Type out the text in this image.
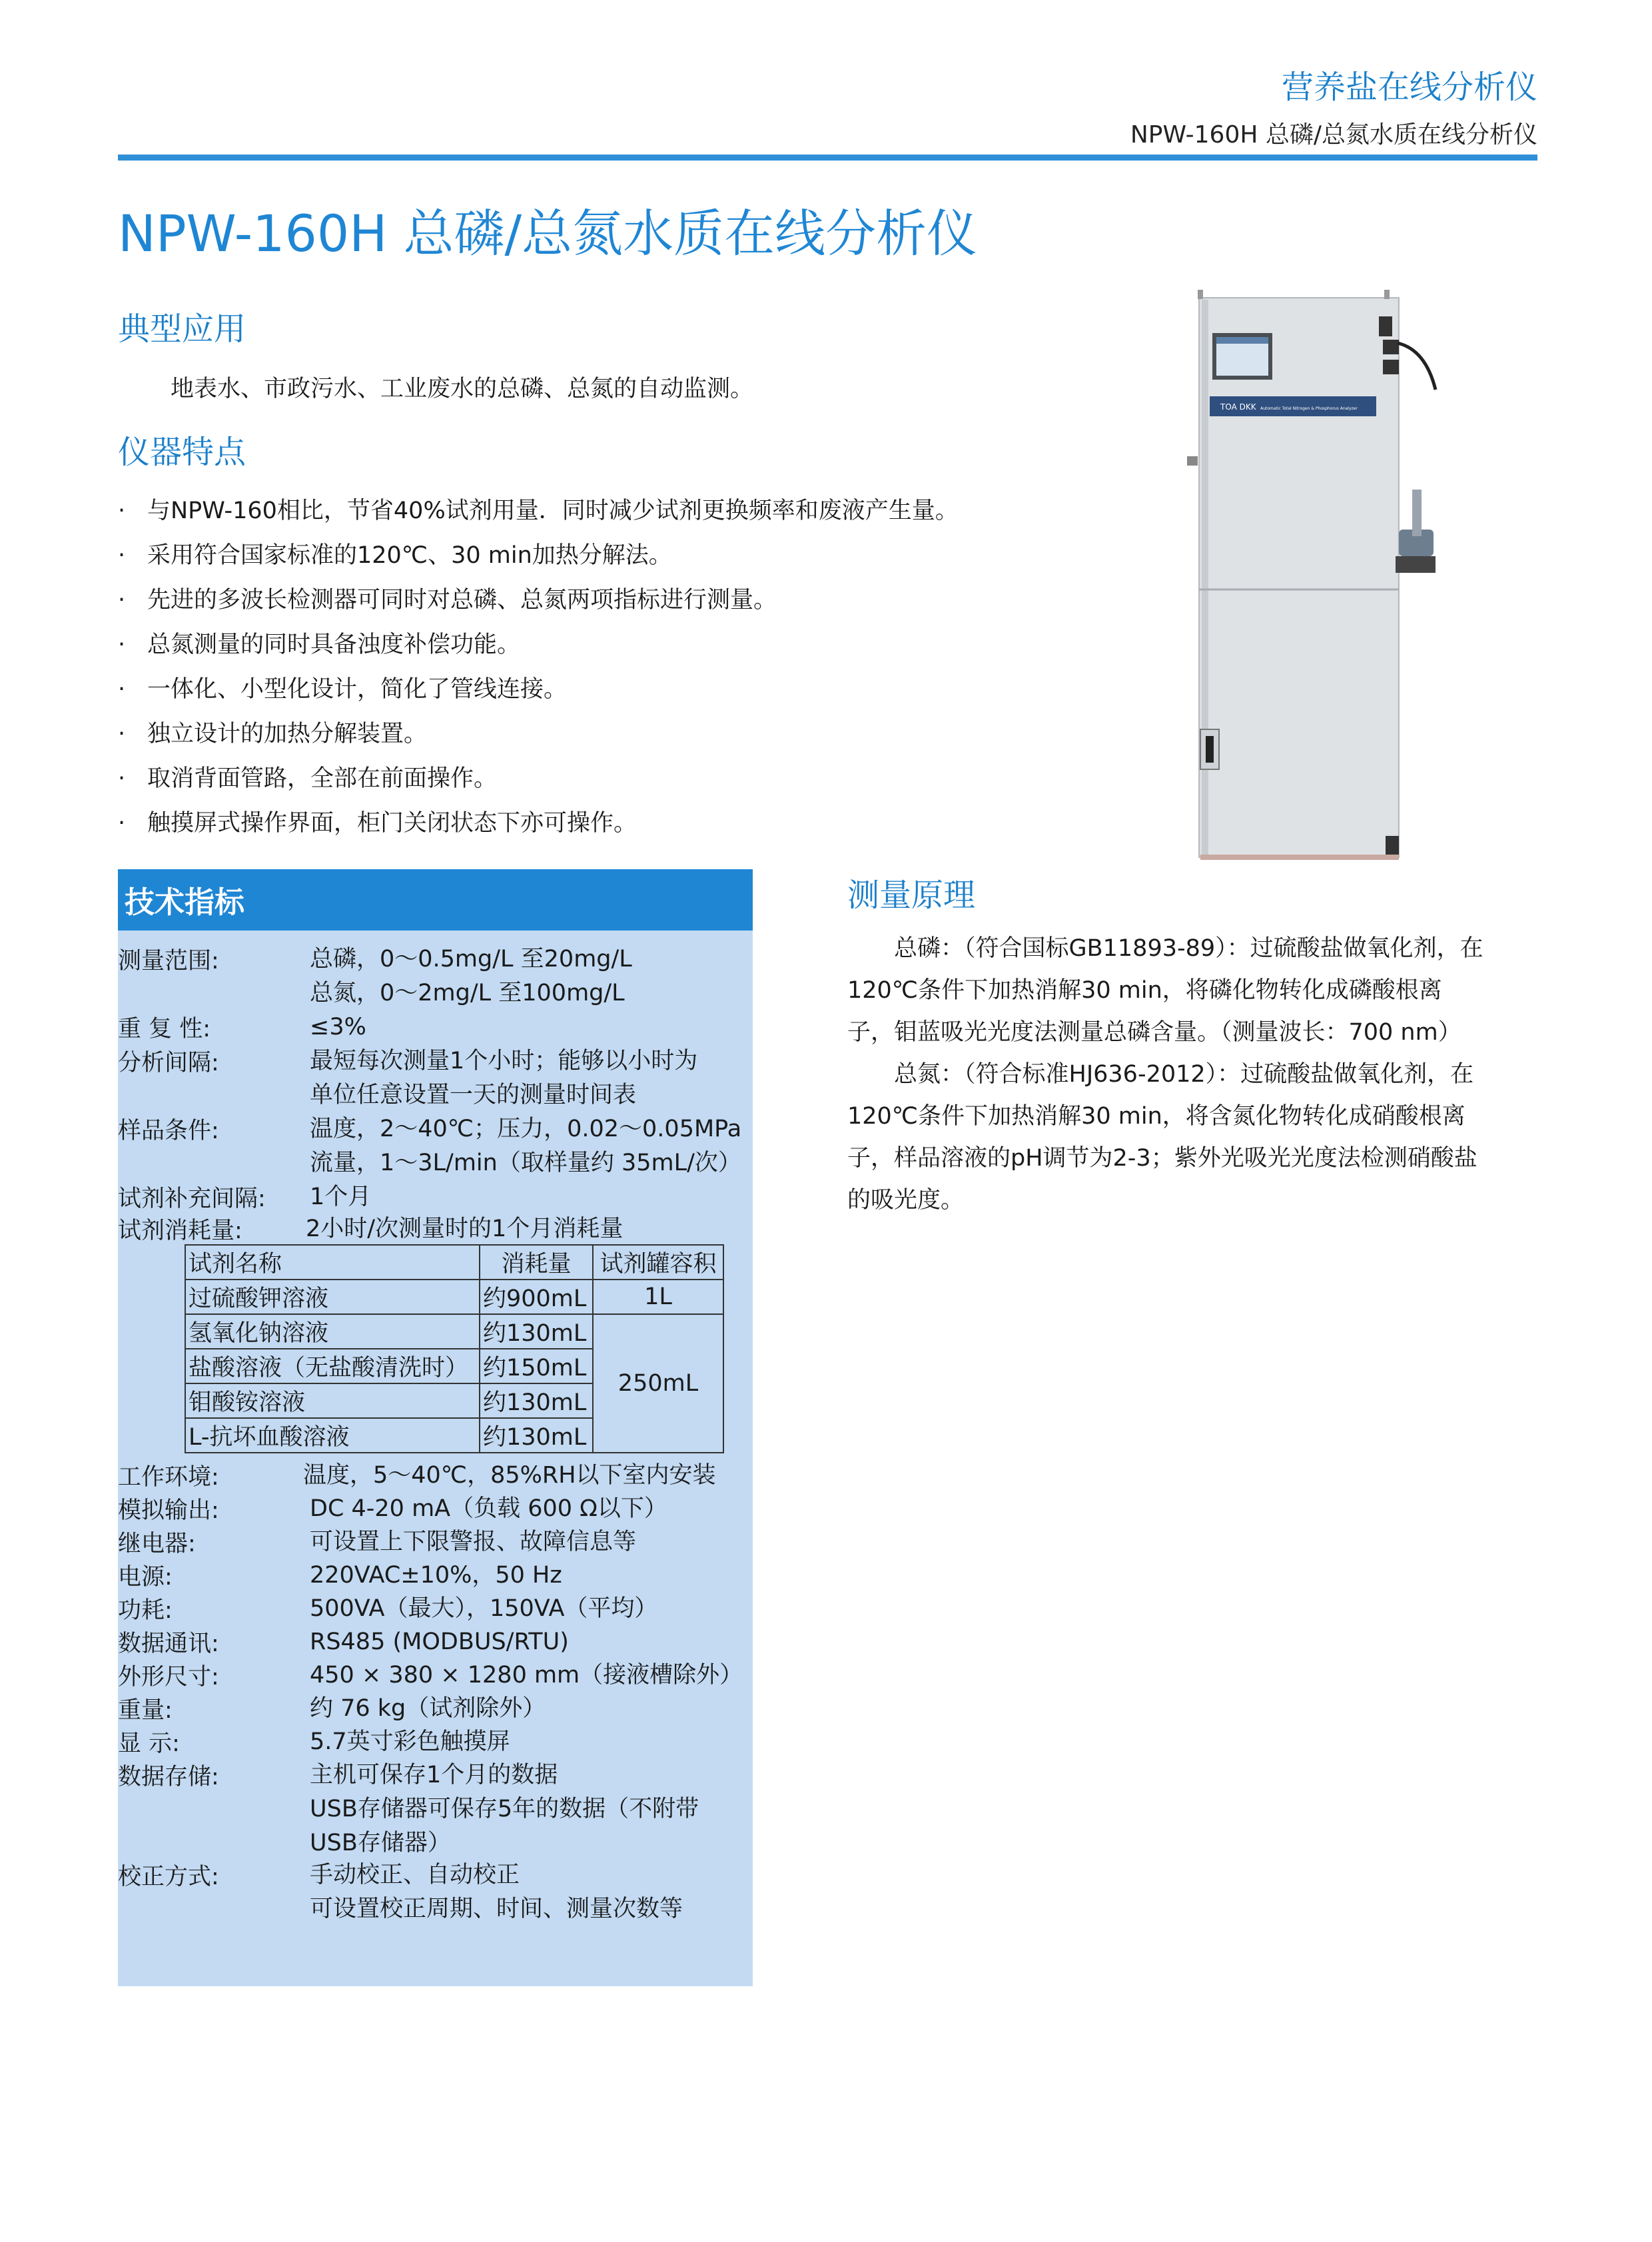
营养盐在线分析仪
NPW-160H 总磷/总氮水质在线分析仪
NPW-160H 总磷/总氮水质在线分析仪
典型应用
地表水、市政污水、工业废水的总磷、总氮的自动监测。
仪器特点
· 与NPW-160相比，节省40%试剂用量．同时减少试剂更换频率和废液产生量。
· 采用符合国家标准的120℃、30 min加热分解法。
· 先进的多波长检测器可同时对总磷、总氮两项指标进行测量。
· 总氮测量的同时具备浊度补偿功能。
· 一体化、小型化设计，简化了管线连接。
· 独立设计的加热分解装置。
· 取消背面管路，全部在前面操作。
· 触摸屏式操作界面，柜门关闭状态下亦可操作。
TOA DKK Automatic Total Nitrogen & Phosphorus Analyzer
技术指标
测量范围:	总磷，0～0.5mg/L 至20mg/L
总氮，0～2mg/L 至100mg/L
重 复 性:	≤3%
分析间隔:	最短每次测量1个小时；能够以小时为
单位任意设置一天的测量时间表
样品条件:	温度，2～40℃；压力，0.02～0.05MPa
流量，1～3L/min（取样量约 35mL/次）
试剂补充间隔: 1个月
试剂消耗量:	2小时/次测量时的1个月消耗量
试剂名称	消耗量	试剂罐容积
过硫酸钾溶液	约900mL	1L
氢氧化钠溶液	约130mL	250mL
盐酸溶液（无盐酸清洗时）	约150mL	
钼酸铵溶液	约130mL	
L-抗坏血酸溶液	约130mL	
工作环境:	温度，5～40℃，85%RH以下室内安装
模拟输出:	DC 4-20 mA（负载 600 Ω以下）
继电器:	可设置上下限警报、故障信息等
电源:	220VAC±10%，50 Hz
功耗:	500VA（最大），150VA（平均）
数据通讯:	RS485 (MODBUS/RTU)
外形尺寸:	450 × 380 × 1280 mm（接液槽除外）
重量:	约 76 kg（试剂除外）
显 示:	5.7英寸彩色触摸屏
数据存储:	主机可保存1个月的数据
USB存储器可保存5年的数据（不附带
USB存储器）
校正方式:	手动校正、自动校正
可设置校正周期、时间、测量次数等
测量原理

总磷：（符合国标GB11893-89）：过硫酸盐做氧化剂，在120℃条件下加热消解30 min，将磷化物转化成磷酸根离子，钼蓝吸光光度法测量总磷含量。（测量波长：700 nm）

总氮：（符合标准HJ636-2012）：过硫酸盐做氧化剂，在120℃条件下加热消解30 min，将含氮化物转化成硝酸根离子，样品溶液的pH调节为2-3；紫外光吸光光度法检测硝酸盐的吸光度。
